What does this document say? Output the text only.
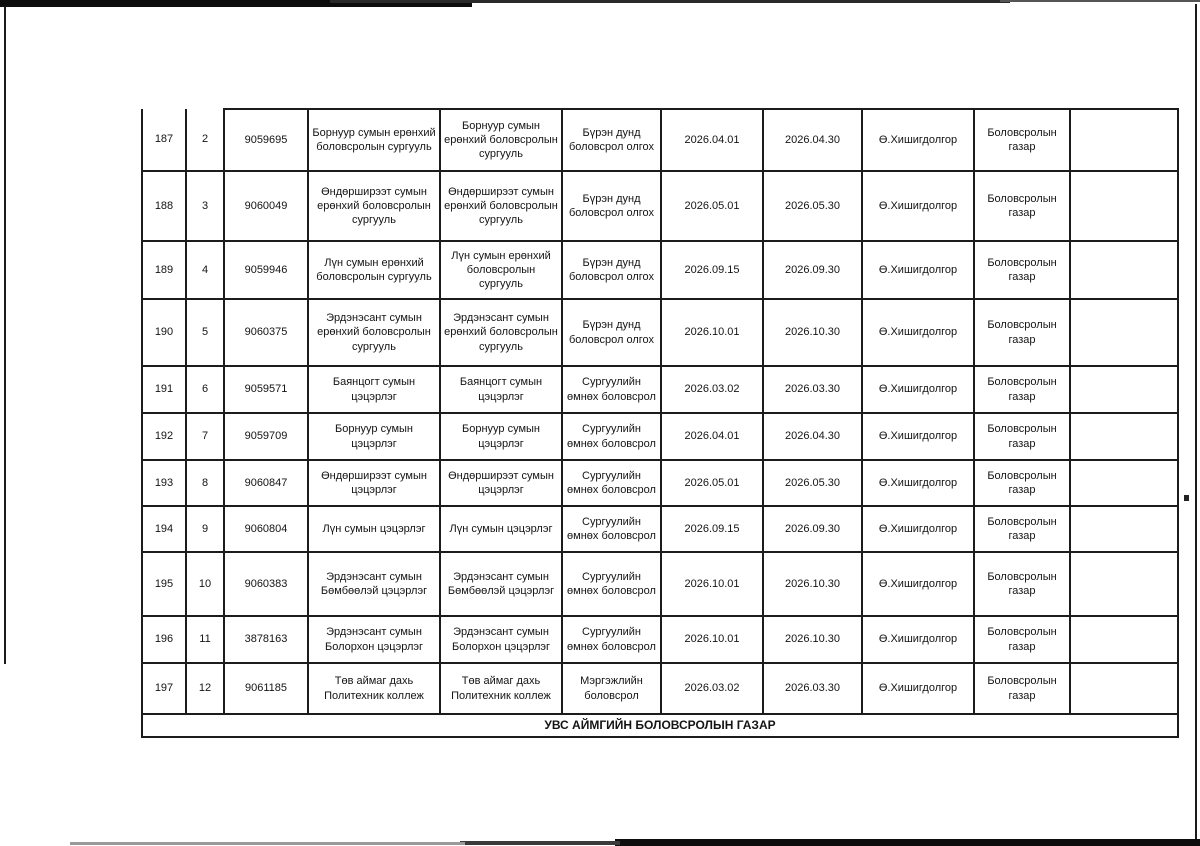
187	2	9059695	Борнуур сумын ерөнхий боловсролын сургууль	Борнуур сумын ерөнхий боловсролын сургууль	Бүрэн дунд боловсрол олгох	2026.04.01	2026.04.30	Ө.Хишигдолгор	Боловсролын газар	
188	3	9060049	Өндөрширээт сумын ерөнхий боловсролын сургууль	Өндөрширээт сумын ерөнхий боловсролын сургууль	Бүрэн дунд боловсрол олгох	2026.05.01	2026.05.30	Ө.Хишигдолгор	Боловсролын газар	
189	4	9059946	Лүн сумын ерөнхий боловсролын сургууль	Лүн сумын ерөнхий боловсролын сургууль	Бүрэн дунд боловсрол олгох	2026.09.15	2026.09.30	Ө.Хишигдолгор	Боловсролын газар	
190	5	9060375	Эрдэнэсант сумын ерөнхий боловсролын сургууль	Эрдэнэсант сумын ерөнхий боловсролын сургууль	Бүрэн дунд боловсрол олгох	2026.10.01	2026.10.30	Ө.Хишигдолгор	Боловсролын газар	
191	6	9059571	Баянцогт сумын цэцэрлэг	Баянцогт сумын цэцэрлэг	Сургуулийн өмнөх боловсрол	2026.03.02	2026.03.30	Ө.Хишигдолгор	Боловсролын газар	
192	7	9059709	Борнуур сумын цэцэрлэг	Борнуур сумын цэцэрлэг	Сургуулийн өмнөх боловсрол	2026.04.01	2026.04.30	Ө.Хишигдолгор	Боловсролын газар	
193	8	9060847	Өндөрширээт сумын цэцэрлэг	Өндөрширээт сумын цэцэрлэг	Сургуулийн өмнөх боловсрол	2026.05.01	2026.05.30	Ө.Хишигдолгор	Боловсролын газар	
194	9	9060804	Лүн сумын цэцэрлэг	Лүн сумын цэцэрлэг	Сургуулийн өмнөх боловсрол	2026.09.15	2026.09.30	Ө.Хишигдолгор	Боловсролын газар	
195	10	9060383	Эрдэнэсант сумын Бөмбөөлэй цэцэрлэг	Эрдэнэсант сумын Бөмбөөлэй цэцэрлэг	Сургуулийн өмнөх боловсрол	2026.10.01	2026.10.30	Ө.Хишигдолгор	Боловсролын газар	
196	11	3878163	Эрдэнэсант сумын Болорхон цэцэрлэг	Эрдэнэсант сумын Болорхон цэцэрлэг	Сургуулийн өмнөх боловсрол	2026.10.01	2026.10.30	Ө.Хишигдолгор	Боловсролын газар	
197	12	9061185	Төв аймаг дахь Политехник коллеж	Төв аймаг дахь Политехник коллеж	Мэргэжлийн боловсрол	2026.03.02	2026.03.30	Ө.Хишигдолгор	Боловсролын газар	
УВС АЙМГИЙН БОЛОВСРОЛЫН ГАЗАР										
